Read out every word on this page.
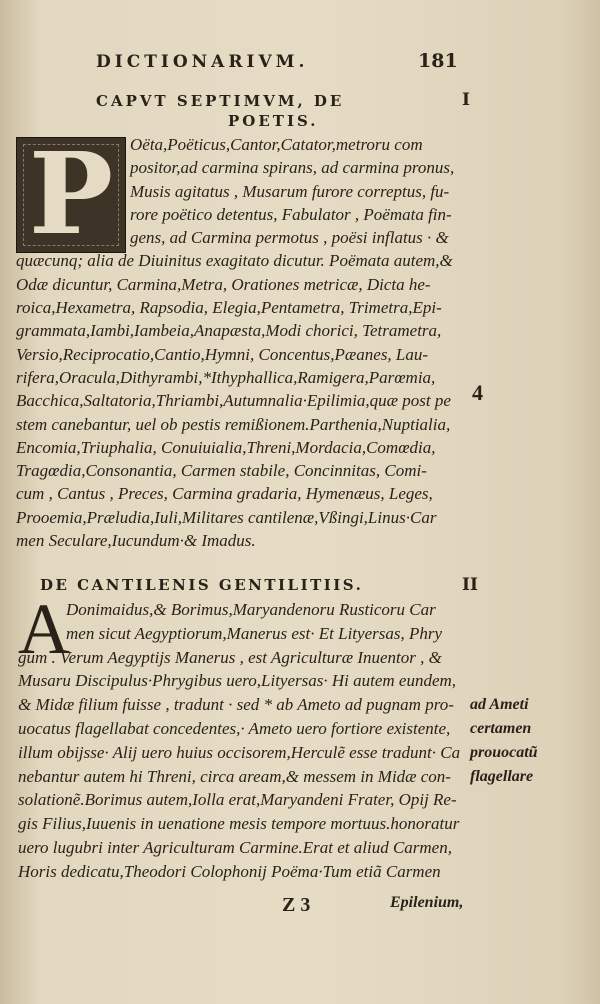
DICTIONARIVM.	181
CAPVT SEPTIMVM, DE	I
POETIS.
P Oëta,Poëticus,Cantor,Catator,metroru com
positor,ad carmina spirans, ad carmina pronus,
Musis agitatus , Musarum furore correptus, fu-
rore poëtico detentus, Fabulator , Poëmata fin-
gens, ad Carmina permotus , poësi inflatus · &
quæcunq; alia de Diuinitus exagitato dicutur. Poëmata autem,&
Odæ dicuntur, Carmina,Metra, Orationes metricæ, Dicta he-
roica,Hexametra, Rapsodia, Elegia,Pentametra, Trimetra,Epi-
grammata,Iambi,Iambeia,Anapæsta,Modi chorici, Tetrametra,
Versio,Reciprocatio,Cantio,Hymni, Concentus,Pæanes, Lau-
rifera,Oracula,Dithyrambi,*Ithyphallica,Ramigera,Parœmia,
Bacchica,Saltatoria,Thriambi,Autumnalia·Epilimia,quæ post pe
stem canebantur, uel ob pestis remißionem.Parthenia,Nuptialia,
Encomia,Triuphalia, Conuiuialia,Threni,Mordacia,Comœdia,
Tragœdia,Consonantia, Carmen stabile, Concinnitas, Comi-
cum , Cantus , Preces, Carmina gradaria, Hymenæus, Leges,
Prooemia,Præludia,Iuli,Militares cantilenæ,Vßingi,Linus·Car
men Seculare,Iucundum·& Imadus.
4
DE CANTILENIS GENTILITIIS.	II
A
Donimaidus,& Borimus,Maryandenoru Rusticoru Car
men sicut Aegyptiorum,Manerus est· Et Lityersas, Phry
gum . Verum Aegyptijs Manerus , est Agriculturæ Inuentor , &
Musaru Discipulus·Phrygibus uero,Lityersas· Hi autem eundem,
& Midæ filium fuisse , tradunt · sed * ab Ameto ad pugnam pro-
uocatus flagellabat concedentes,· Ameto uero fortiore existente,
illum obijsse· Alij uero huius occisorem,Herculẽ esse tradunt· Ca
nebantur autem hi Threni, circa aream,& messem in Midæ con-
solationẽ.Borimus autem,Iolla erat,Maryandeni Frater, Opij Re-
gis Filius,Iuuenis in uenatione mesis tempore mortuus.honoratur
uero lugubri inter Agriculturam Carmine.Erat et aliud Carmen,
Horis dedicatu,Theodori Colophonij Poëma·Tum etiã Carmen
ad Ameti
certamen
prouocatũ
flagellare
Z 3	Epilenium,
